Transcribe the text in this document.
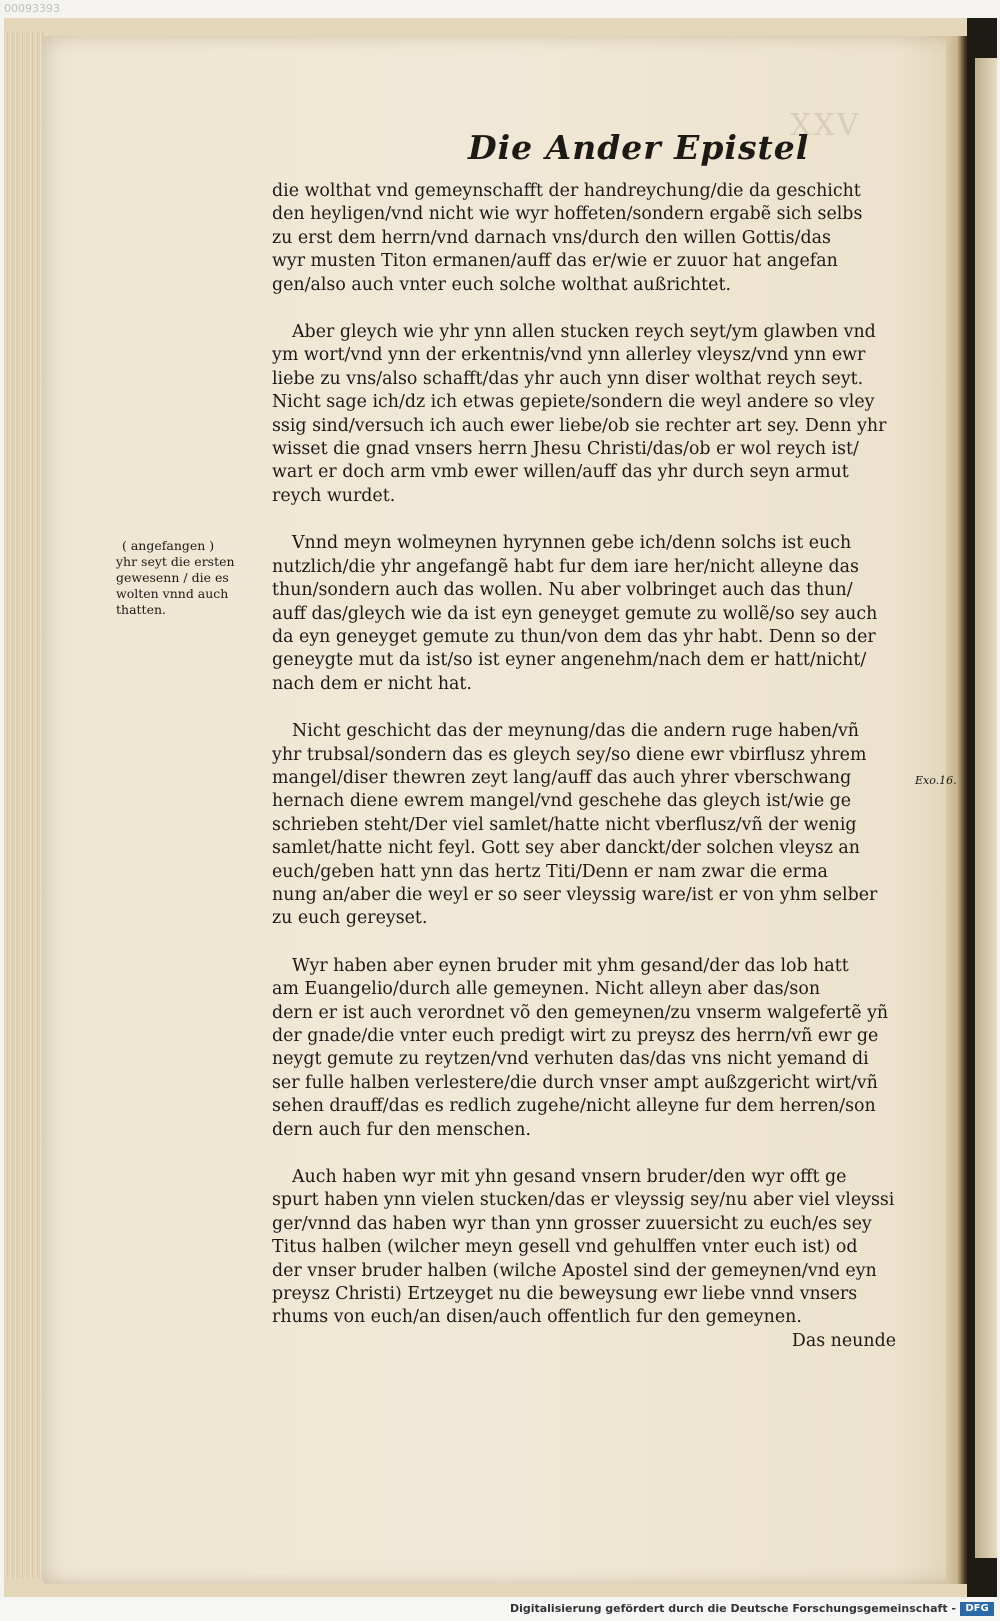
00093393
XXV
Die Ander Epistel
die wolthat vnd gemeynschafft der handreychung/die da geschicht
den heyligen/vnd nicht wie wyr hoffeten/sondern ergabẽ sich selbs
zu erst dem herrn/vnd darnach vns/durch den willen Gottis/das
wyr musten Titon ermanen/auff das er/wie er zuuor hat angefan
gen/also auch vnter euch solche wolthat außrichtet.
Aber gleych wie yhr ynn allen stucken reych seyt/ym glawben vnd
ym wort/vnd ynn der erkentnis/vnd ynn allerley vleysz/vnd ynn ewr
liebe zu vns/also schafft/das yhr auch ynn diser wolthat reych seyt.
Nicht sage ich/dz ich etwas gepiete/sondern die weyl andere so vley
ssig sind/versuch ich auch ewer liebe/ob sie rechter art sey. Denn yhr
wisset die gnad vnsers herrn Jhesu Christi/das/ob er wol reych ist/
wart er doch arm vmb ewer willen/auff das yhr durch seyn armut
reych wurdet.
Vnnd meyn wolmeynen hyrynnen gebe ich/denn solchs ist euch
nutzlich/die yhr angefangẽ habt fur dem iare her/nicht alleyne das
thun/sondern auch das wollen. Nu aber volbringet auch das thun/
auff das/gleych wie da ist eyn geneyget gemute zu wollẽ/so sey auch
da eyn geneyget gemute zu thun/von dem das yhr habt. Denn so der
geneygte mut da ist/so ist eyner angenehm/nach dem er hatt/nicht/
nach dem er nicht hat.
Nicht geschicht das der meynung/das die andern ruge haben/vñ
yhr trubsal/sondern das es gleych sey/so diene ewr vbirflusz yhrem
mangel/diser thewren zeyt lang/auff das auch yhrer vberschwang
hernach diene ewrem mangel/vnd geschehe das gleych ist/wie ge
schrieben steht/Der viel samlet/hatte nicht vberflusz/vñ der wenig
samlet/hatte nicht feyl. Gott sey aber danckt/der solchen vleysz an
euch/geben hatt ynn das hertz Titi/Denn er nam zwar die erma
nung an/aber die weyl er so seer vleyssig ware/ist er von yhm selber
zu euch gereyset.
Wyr haben aber eynen bruder mit yhm gesand/der das lob hatt
am Euangelio/durch alle gemeynen. Nicht alleyn aber das/son
dern er ist auch verordnet võ den gemeynen/zu vnserm walgefertẽ yñ
der gnade/die vnter euch predigt wirt zu preysz des herrn/vñ ewr ge
neygt gemute zu reytzen/vnd verhuten das/das vns nicht yemand di
ser fulle halben verlestere/die durch vnser ampt außzgericht wirt/vñ
sehen drauff/das es redlich zugehe/nicht alleyne fur dem herren/son
dern auch fur den menschen.
Auch haben wyr mit yhn gesand vnsern bruder/den wyr offt ge
spurt haben ynn vielen stucken/das er vleyssig sey/nu aber viel vleyssi
ger/vnnd das haben wyr than ynn grosser zuuersicht zu euch/es sey
Titus halben (wilcher meyn gesell vnd gehulffen vnter euch ist) od
der vnser bruder halben (wilche Apostel sind der gemeynen/vnd eyn
preysz Christi) Ertzeyget nu die beweysung ewr liebe vnnd vnsers
rhums von euch/an disen/auch offentlich fur den gemeynen.
Das neunde
( angefangen )
yhr seyt die ersten
gewesenn / die es
wolten vnnd auch
thatten.
Exo.16.
Digitalisierung gefördert durch die Deutsche Forschungsgemeinschaft - DFG
